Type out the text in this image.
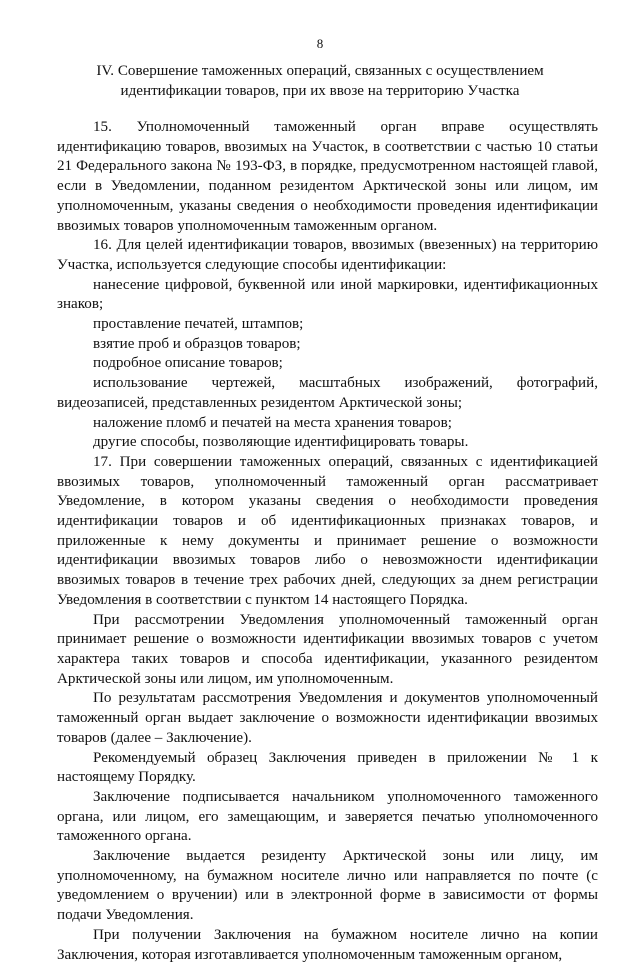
8
IV. Совершение таможенных операций, связанных с осуществлением идентификации товаров, при их ввозе на территорию Участка

15. Уполномоченный таможенный орган вправе осуществлять идентификацию товаров, ввозимых на Участок, в соответствии с частью 10 статьи 21 Федерального закона № 193-ФЗ, в порядке, предусмотренном настоящей главой, если в Уведомлении, поданном резидентом Арктической зоны или лицом, им уполномоченным, указаны сведения о необходимости проведения идентификации ввозимых товаров уполномоченным таможенным органом.

16. Для целей идентификации товаров, ввозимых (ввезенных) на территорию Участка, используется следующие способы идентификации:

нанесение цифровой, буквенной или иной маркировки, идентификационных знаков;

проставление печатей, штампов;

взятие проб и образцов товаров;

подробное описание товаров;

использование чертежей, масштабных изображений, фотографий, видеозаписей, представленных резидентом Арктической зоны;

наложение пломб и печатей на места хранения товаров;

другие способы, позволяющие идентифицировать товары.

17. При совершении таможенных операций, связанных с идентификацией ввозимых товаров, уполномоченный таможенный орган рассматривает Уведомление, в котором указаны сведения о необходимости проведения идентификации товаров и об идентификационных признаках товаров, и приложенные к нему документы и принимает решение о возможности идентификации ввозимых товаров либо о невозможности идентификации ввозимых товаров в течение трех рабочих дней, следующих за днем регистрации Уведомления в соответствии с пунктом 14 настоящего Порядка.

При рассмотрении Уведомления уполномоченный таможенный орган принимает решение о возможности идентификации ввозимых товаров с учетом характера таких товаров и способа идентификации, указанного резидентом Арктической зоны или лицом, им уполномоченным.

По результатам рассмотрения Уведомления и документов уполномоченный таможенный орган выдает заключение о возможности идентификации ввозимых товаров (далее – Заключение).

Рекомендуемый образец Заключения приведен в приложении № 1 к настоящему Порядку.

Заключение подписывается начальником уполномоченного таможенного органа, или лицом, его замещающим, и заверяется печатью уполномоченного таможенного органа.

Заключение выдается резиденту Арктической зоны или лицу, им уполномоченному, на бумажном носителе лично или направляется по почте (с уведомлением о вручении) или в электронной форме в зависимости от формы подачи Уведомления.

При получении Заключения на бумажном носителе лично на копии Заключения, которая изготавливается уполномоченным таможенным органом,
